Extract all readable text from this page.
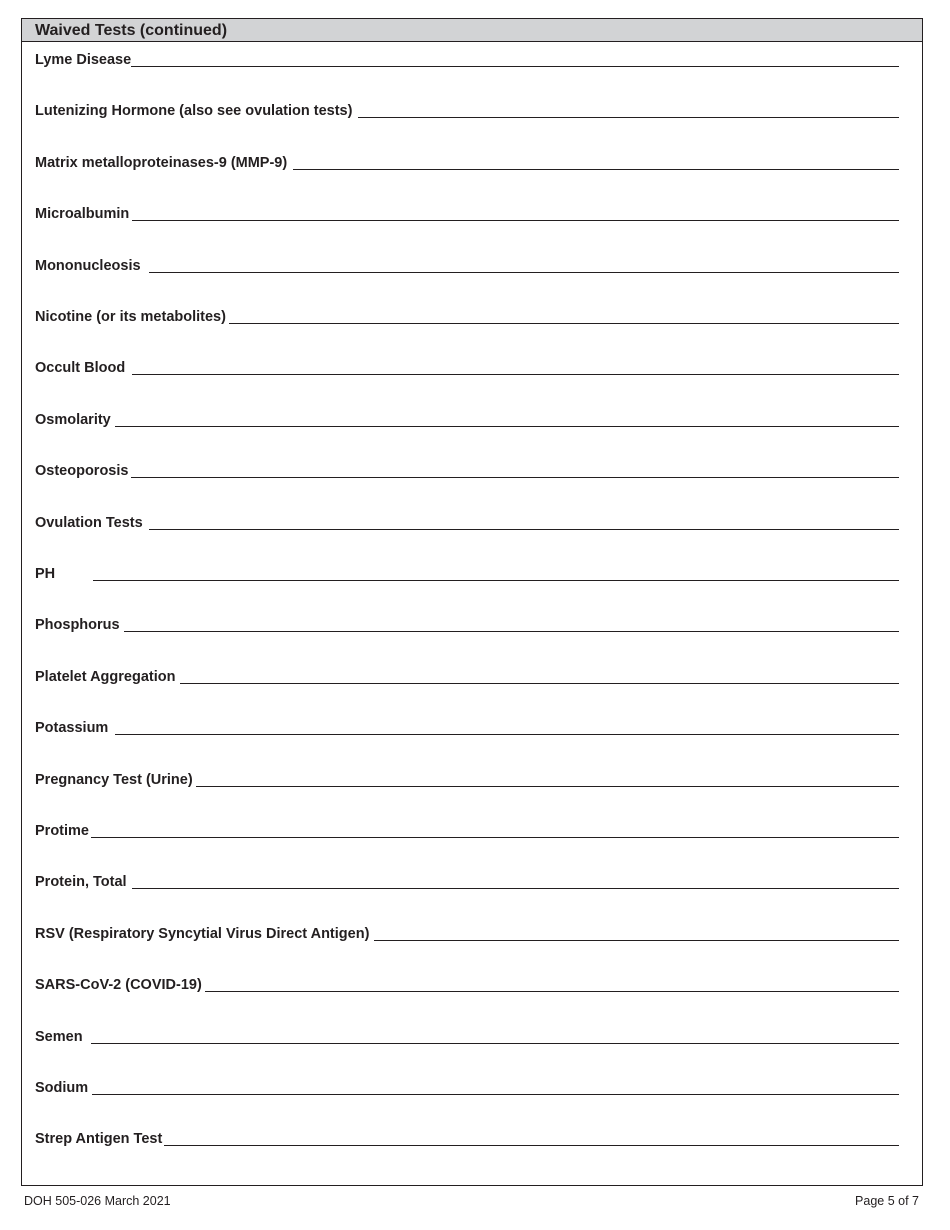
Waived Tests (continued)
Lyme Disease
Lutenizing Hormone (also see ovulation tests)
Matrix metalloproteinases-9 (MMP-9)
Microalbumin
Mononucleosis
Nicotine (or its metabolites)
Occult Blood
Osmolarity
Osteoporosis
Ovulation Tests
PH
Phosphorus
Platelet Aggregation
Potassium
Pregnancy Test (Urine)
Protime
Protein, Total
RSV (Respiratory Syncytial Virus Direct Antigen)
SARS-CoV-2 (COVID-19)
Semen
Sodium
Strep Antigen Test
DOH 505-026 March 2021	Page 5 of 7
